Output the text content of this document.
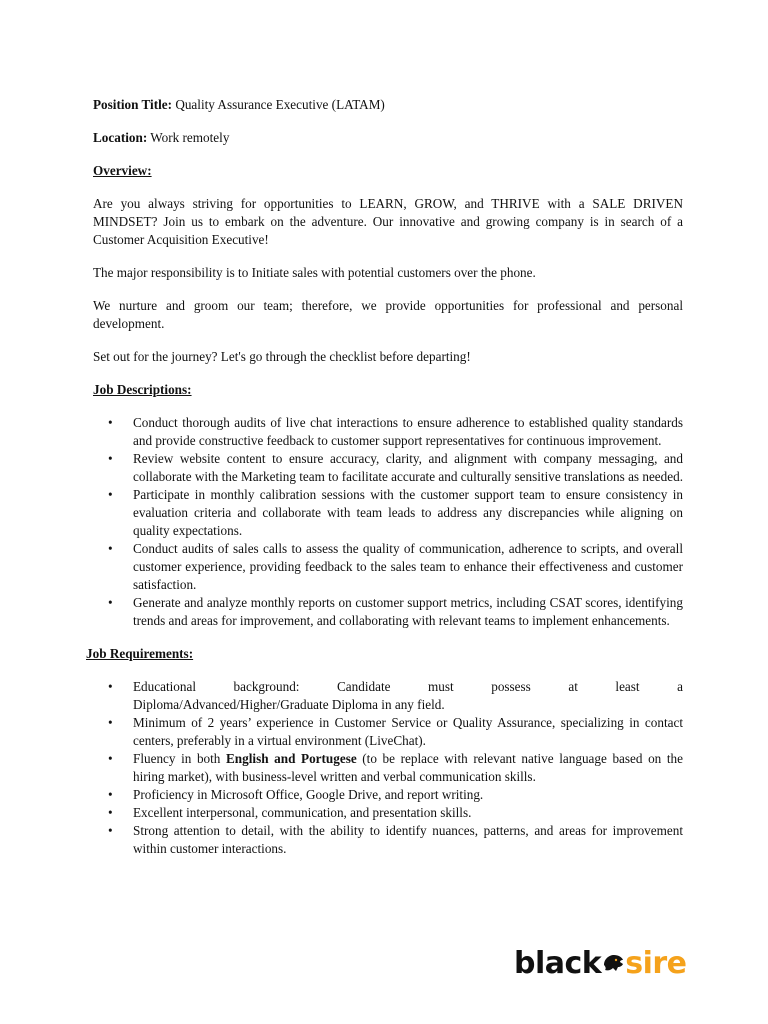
Position Title: Quality Assurance Executive (LATAM)

Location: Work remotely

Overview:

Are you always striving for opportunities to LEARN, GROW, and THRIVE with a SALE DRIVEN MINDSET? Join us to embark on the adventure. Our innovative and growing company is in search of a Customer Acquisition Executive!

The major responsibility is to Initiate sales with potential customers over the phone.

We nurture and groom our team; therefore, we provide opportunities for professional and personal development.

Set out for the journey? Let's go through the checklist before departing!

Job Descriptions:

• Conduct thorough audits of live chat interactions to ensure adherence to established quality standards and provide constructive feedback to customer support representatives for continuous improvement.
• Review website content to ensure accuracy, clarity, and alignment with company messaging, and collaborate with the Marketing team to facilitate accurate and culturally sensitive translations as needed.
• Participate in monthly calibration sessions with the customer support team to ensure consistency in evaluation criteria and collaborate with team leads to address any discrepancies while aligning on quality expectations.
• Conduct audits of sales calls to assess the quality of communication, adherence to scripts, and overall customer experience, providing feedback to the sales team to enhance their effectiveness and customer satisfaction.
• Generate and analyze monthly reports on customer support metrics, including CSAT scores, identifying trends and areas for improvement, and collaborating with relevant teams to implement enhancements.

Job Requirements:

• Educational background: Candidate must possess at least a
Diploma/Advanced/Higher/Graduate Diploma in any field.
• Minimum of 2 years’ experience in Customer Service or Quality Assurance, specializing in contact centers, preferably in a virtual environment (LiveChat).
• Fluency in both English and Portugese (to be replace with relevant native language based on the hiring market), with business-level written and verbal communication skills.
• Proficiency in Microsoft Office, Google Drive, and report writing.
• Excellent interpersonal, communication, and presentation skills.
• Strong attention to detail, with the ability to identify nuances, patterns, and areas for improvement within customer interactions.
black sire
